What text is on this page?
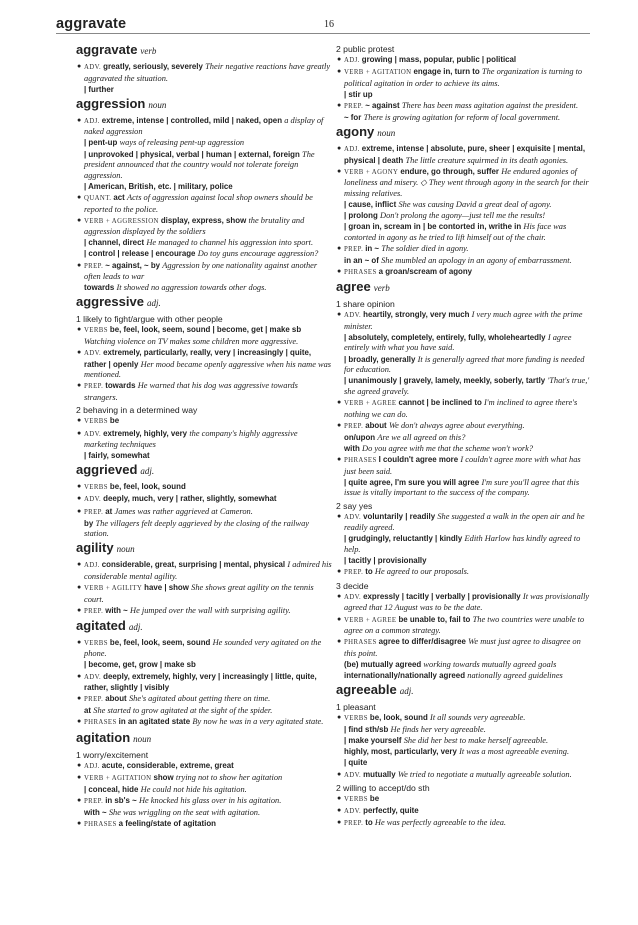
aggravate	16
aggravate verb
● ADV. greatly, seriously, severely Their negative reactions have greatly aggravated the situation.
| further
aggression noun
● ADJ. extreme, intense | controlled, mild | naked, open a display of naked aggression
| pent-up ways of releasing pent-up aggression
| unprovoked | physical, verbal | human | external, foreign The president announced that the country would not tolerate foreign aggression.
| American, British, etc. | military, police
● QUANT. act Acts of aggression against local shop owners should be reported to the police.
● VERB + AGGRESSION display, express, show the brutality and aggression displayed by the soldiers
| channel, direct He managed to channel his aggression into sport.
| control | release | encourage Do toy guns encourage aggression?
● PREP. ~ against, ~ by Aggression by one nationality against another often leads to war
towards It showed no aggression towards other dogs.
aggressive adj.
1 likely to fight/argue with other people
● VERBS be, feel, look, seem, sound | become, get | make sb Watching violence on TV makes some children more aggressive.
● ADV. extremely, particularly, really, very | increasingly | quite, rather | openly Her mood became openly aggressive when his name was mentioned.
● PREP. towards He warned that his dog was aggressive towards strangers.
2 behaving in a determined way
● VERBS be
● ADV. extremely, highly, very the company's highly aggressive marketing techniques
| fairly, somewhat
aggrieved adj.
● VERBS be, feel, look, sound
● ADV. deeply, much, very | rather, slightly, somewhat
● PREP. at James was rather aggrieved at Cameron.
by The villagers felt deeply aggrieved by the closing of the railway station.
agility noun
● ADJ. considerable, great, surprising | mental, physical I admired his considerable mental agility.
● VERB + AGILITY have | show She shows great agility on the tennis court.
● PREP. with ~ He jumped over the wall with surprising agility.
agitated adj.
● VERBS be, feel, look, seem, sound He sounded very agitated on the phone.
| become, get, grow | make sb
● ADV. deeply, extremely, highly, very | increasingly | little, quite, rather, slightly | visibly
● PREP. about She's agitated about getting there on time.
at She started to grow agitated at the sight of the spider.
● PHRASES in an agitated state By now he was in a very agitated state.
agitation noun
1 worry/excitement
● ADJ. acute, considerable, extreme, great
● VERB + AGITATION show trying not to show her agitation
| conceal, hide He could not hide his agitation.
● PREP. in sb's ~ He knocked his glass over in his agitation.
with ~ She was wriggling on the seat with agitation.
● PHRASES a feeling/state of agitation
2 public protest
● ADJ. growing | mass, popular, public | political
● VERB + AGITATION engage in, turn to The organization is turning to political agitation in order to achieve its aims.
| stir up
● PREP. ~ against There has been mass agitation against the president.
~ for There is growing agitation for reform of local government.
agony noun
● ADJ. extreme, intense | absolute, pure, sheer | exquisite | mental, physical | death The little creature squirmed in its death agonies.
● VERB + AGONY endure, go through, suffer He endured agonies of loneliness and misery. ◇ They went through agony in the search for their missing relatives.
| cause, inflict She was causing David a great deal of agony.
| prolong Don't prolong the agony—just tell me the results!
| groan in, scream in | be contorted in, writhe in His face was contorted in agony as he tried to lift himself out of the chair.
● PREP. in ~ The soldier died in agony.
in an ~ of She mumbled an apology in an agony of embarrassment.
● PHRASES a groan/scream of agony
agree verb
1 share opinion
● ADV. heartily, strongly, very much I very much agree with the prime minister.
| absolutely, completely, entirely, fully, wholeheartedly I agree entirely with what you have said.
| broadly, generally It is generally agreed that more funding is needed for education.
| unanimously | gravely, lamely, meekly, soberly, tartly 'That's true,' she agreed gravely.
● VERB + AGREE cannot | be inclined to I'm inclined to agree there's nothing we can do.
● PREP. about We don't always agree about everything.
on/upon Are we all agreed on this?
with Do you agree with me that the scheme won't work?
● PHRASES I couldn't agree more I couldn't agree more with what has just been said.
| quite agree, I'm sure you will agree I'm sure you'll agree that this issue is vitally important to the success of the company.
2 say yes
● ADV. voluntarily | readily She suggested a walk in the open air and he readily agreed.
| grudgingly, reluctantly | kindly Edith Harlow has kindly agreed to help.
| tacitly | provisionally
● PREP. to He agreed to our proposals.
3 decide
● ADV. expressly | tacitly | verbally | provisionally It was provisionally agreed that 12 August was to be the date.
● VERB + AGREE be unable to, fail to The two countries were unable to agree on a common strategy.
● PHRASES agree to differ/disagree We must just agree to disagree on this point.
(be) mutually agreed working towards mutually agreed goals
internationally/nationally agreed nationally agreed guidelines
agreeable adj.
1 pleasant
● VERBS be, look, sound It all sounds very agreeable.
| find sth/sb He finds her very agreeable.
| make yourself She did her best to make herself agreeable.
highly, most, particularly, very It was a most agreeable evening.
| quite
● ADV. mutually We tried to negotiate a mutually agreeable solution.
2 willing to accept/do sth
● VERBS be
● ADV. perfectly, quite
● PREP. to He was perfectly agreeable to the idea.
